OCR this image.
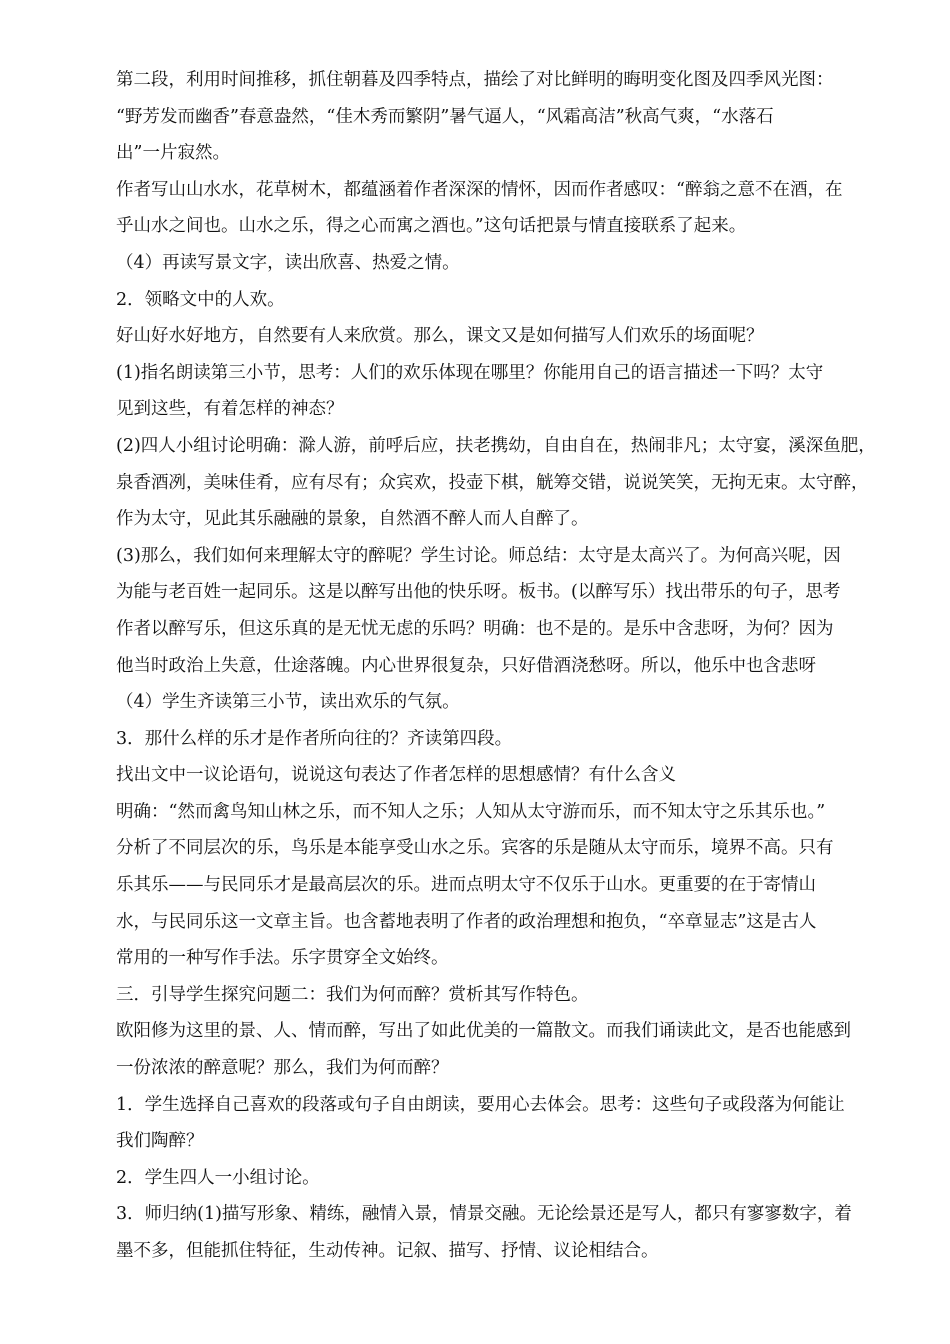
第二段，利用时间推移，抓住朝暮及四季特点，描绘了对比鲜明的晦明变化图及四季风光图：
“野芳发而幽香”春意盎然，“佳木秀而繁阴”暑气逼人，“风霜高洁”秋高气爽，“水落石
出”一片寂然。
作者写山山水水，花草树木，都蕴涵着作者深深的情怀，因而作者感叹：“醉翁之意不在酒，在
乎山水之间也。山水之乐，得之心而寓之酒也。”这句话把景与情直接联系了起来。
（4）再读写景文字，读出欣喜、热爱之情。
2．领略文中的人欢。
好山好水好地方，自然要有人来欣赏。那么，课文又是如何描写人们欢乐的场面呢？
(1)指名朗读第三小节，思考：人们的欢乐体现在哪里？你能用自己的语言描述一下吗？太守
见到这些，有着怎样的神态？
(2)四人小组讨论明确：滁人游，前呼后应，扶老携幼，自由自在，热闹非凡；太守宴，溪深鱼肥，
泉香酒冽，美味佳肴，应有尽有；众宾欢，投壶下棋，觥筹交错，说说笑笑，无拘无束。太守醉，
作为太守，见此其乐融融的景象，自然酒不醉人而人自醉了。
(3)那么，我们如何来理解太守的醉呢？学生讨论。师总结：太守是太高兴了。为何高兴呢，因
为能与老百姓一起同乐。这是以醉写出他的快乐呀。板书。(以醉写乐）找出带乐的句子，思考
作者以醉写乐，但这乐真的是无忧无虑的乐吗？明确：也不是的。是乐中含悲呀，为何？因为
他当时政治上失意，仕途落魄。内心世界很复杂，只好借酒浇愁呀。所以，他乐中也含悲呀
（4）学生齐读第三小节，读出欢乐的气氛。
3．那什么样的乐才是作者所向往的？齐读第四段。
找出文中一议论语句，说说这句表达了作者怎样的思想感情？有什么含义
明确：“然而禽鸟知山林之乐，而不知人之乐；人知从太守游而乐，而不知太守之乐其乐也。”
分析了不同层次的乐，鸟乐是本能享受山水之乐。宾客的乐是随从太守而乐，境界不高。只有
乐其乐——与民同乐才是最高层次的乐。进而点明太守不仅乐于山水。更重要的在于寄情山
水，与民同乐这一文章主旨。也含蓄地表明了作者的政治理想和抱负，“卒章显志”这是古人
常用的一种写作手法。乐字贯穿全文始终。
三．引导学生探究问题二：我们为何而醉？赏析其写作特色。
欧阳修为这里的景、人、情而醉，写出了如此优美的一篇散文。而我们诵读此文，是否也能感到
一份浓浓的醉意呢？那么，我们为何而醉？
1．学生选择自己喜欢的段落或句子自由朗读，要用心去体会。思考：这些句子或段落为何能让
我们陶醉？
2．学生四人一小组讨论。
3．师归纳(1)描写形象、精练，融情入景，情景交融。无论绘景还是写人，都只有寥寥数字，着
墨不多，但能抓住特征，生动传神。记叙、描写、抒情、议论相结合。
